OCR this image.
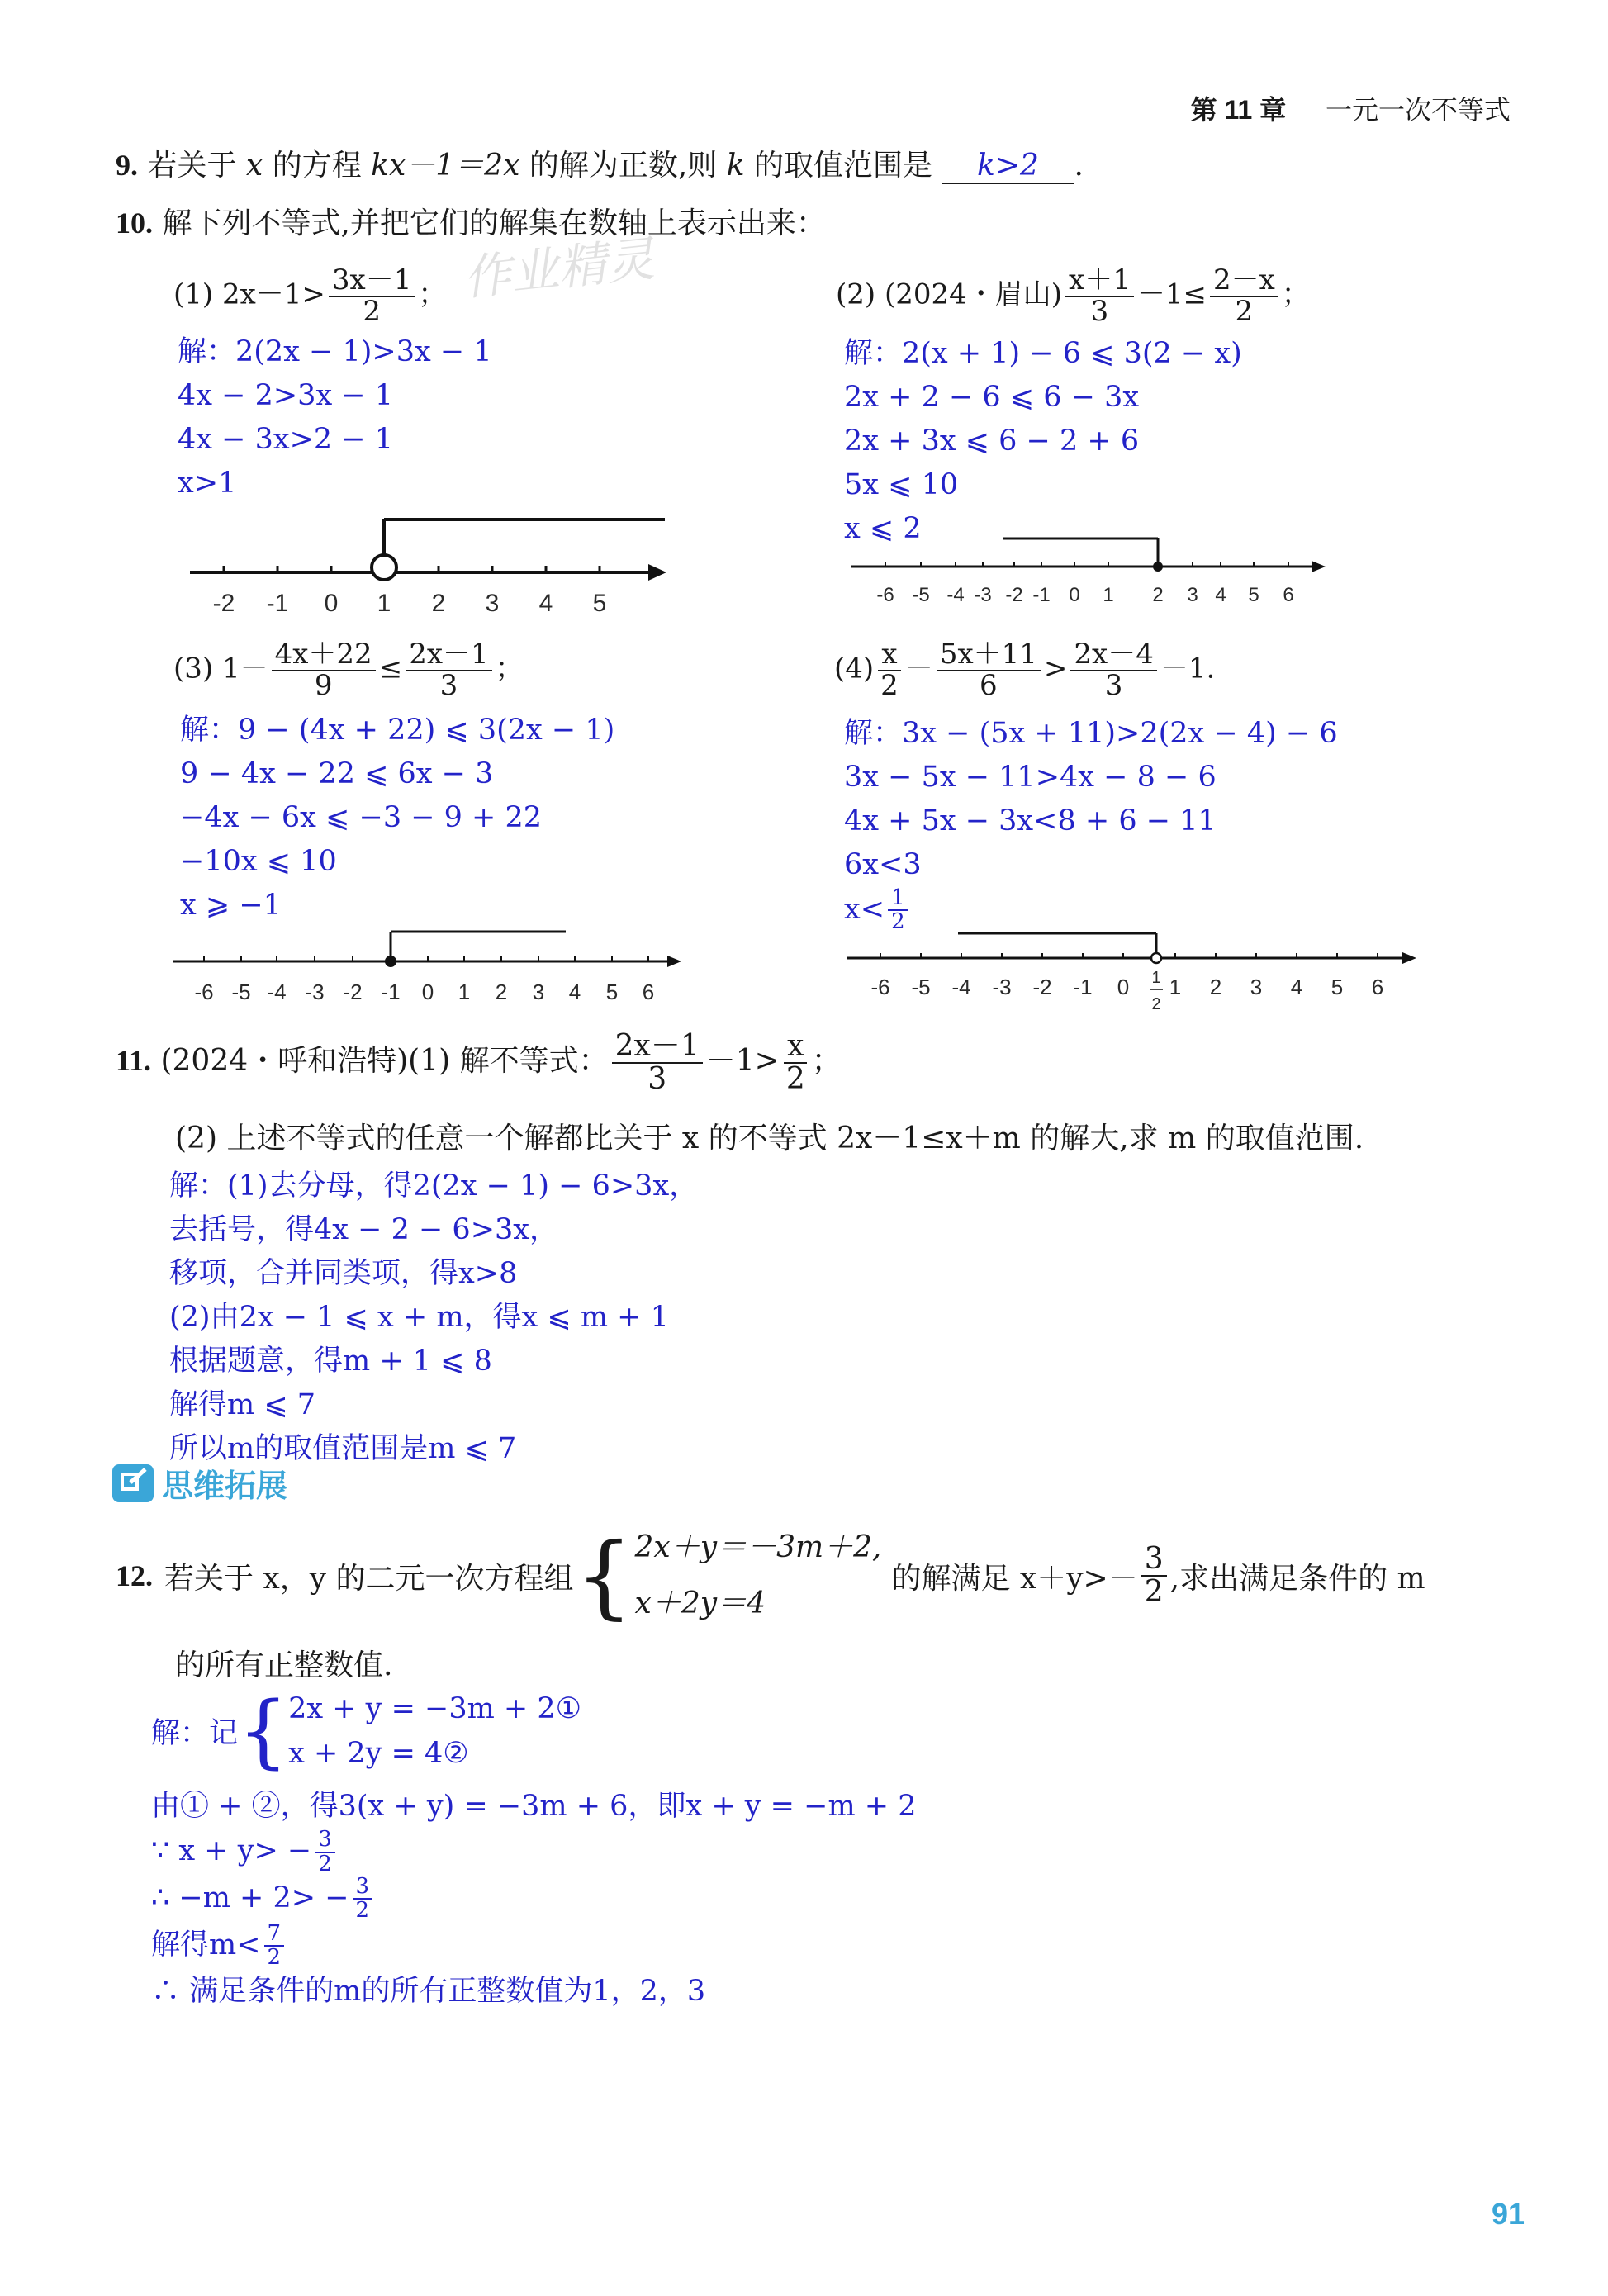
第 11 章 一元一次不等式
9. 若关于 x 的方程 kx－1＝2x 的解为正数,则 k 的取值范围是 k>2 .
10. 解下列不等式,并把它们的解集在数轴上表示出来：
作业精灵
(1) $2x-1> \frac{3x-1}{2}$ ；
解：2(2x − 1)>3x − 1
4x − 2>3x − 1
4x − 3x>2 − 1
x>1
-2 -1 0 1 2 3 4 5
(2) (2024・眉山) $\frac{x+1}{3} -1\le \frac{2-x}{2}$ ；
解：2(x + 1) − 6 ⩽ 3(2 − x)
2x + 2 − 6 ⩽ 6 − 3x
2x + 3x ⩽ 6 − 2 + 6
5x ⩽ 10
x ⩽ 2
-6 -5 -4 -3 -2 -1 0 1 2 3 4 5 6
(3) $1- \frac{4x+22}{9} \le \frac{2x-1}{3}$ ；
解：9 − (4x + 22) ⩽ 3(2x − 1)
9 − 4x − 22 ⩽ 6x − 3
−4x − 6x ⩽ −3 − 9 + 22
−10x ⩽ 10
x ⩾ −1
-6 -5 -4 -3 -2 -1 0 1 2 3 4 5 6
$(4) \frac{x}{2} - \frac{5x+11}{6} > \frac{2x-4}{3} -1$.
解：3x − (5x + 11)>2(2x − 4) − 6
3x − 5x − 11>4x − 8 − 6
4x + 5x − 3x<8 + 6 − 11
6x<3
$x< \frac{1}{2}$
-6 -5 -4 -3 -2 -1 0 1 2 3 4 5 6
1
2
11. (2024・呼和浩特)(1) 解不等式： $\frac{2x-1}{3} -1> \frac{x}{2}$ ；
(2) 上述不等式的任意一个解都比关于 x 的不等式 2x－1≤x＋m 的解大,求 m 的取值范围.
解：(1)去分母，得2(2x − 1) − 6>3x，
去括号，得4x − 2 − 6>3x，
移项，合并同类项，得x>8
(2)由2x − 1 ⩽ x + m，得x ⩽ m + 1
根据题意，得m + 1 ⩽ 8
解得m ⩽ 7
所以m的取值范围是m ⩽ 7
思维拓展
12. 若关于 x，y 的二元一次方程组 { 2x＋y＝－3m＋2,
x＋2y＝4
的解满足 $x+y>- \frac{3}{2}$ ,求出满足条件的 m
的所有正整数值.
解：记 { 2x + y = −3m + 2①
x + 2y = 4②
由① + ②，得3(x + y) = −3m + 6，即x + y = −m + 2
∵ $x + y> - \frac{3}{2}$
∴ $-m + 2> - \frac{3}{2}$
解得$m< \frac{7}{2}$
∴ 满足条件的m的所有正整数值为1，2，3
91
